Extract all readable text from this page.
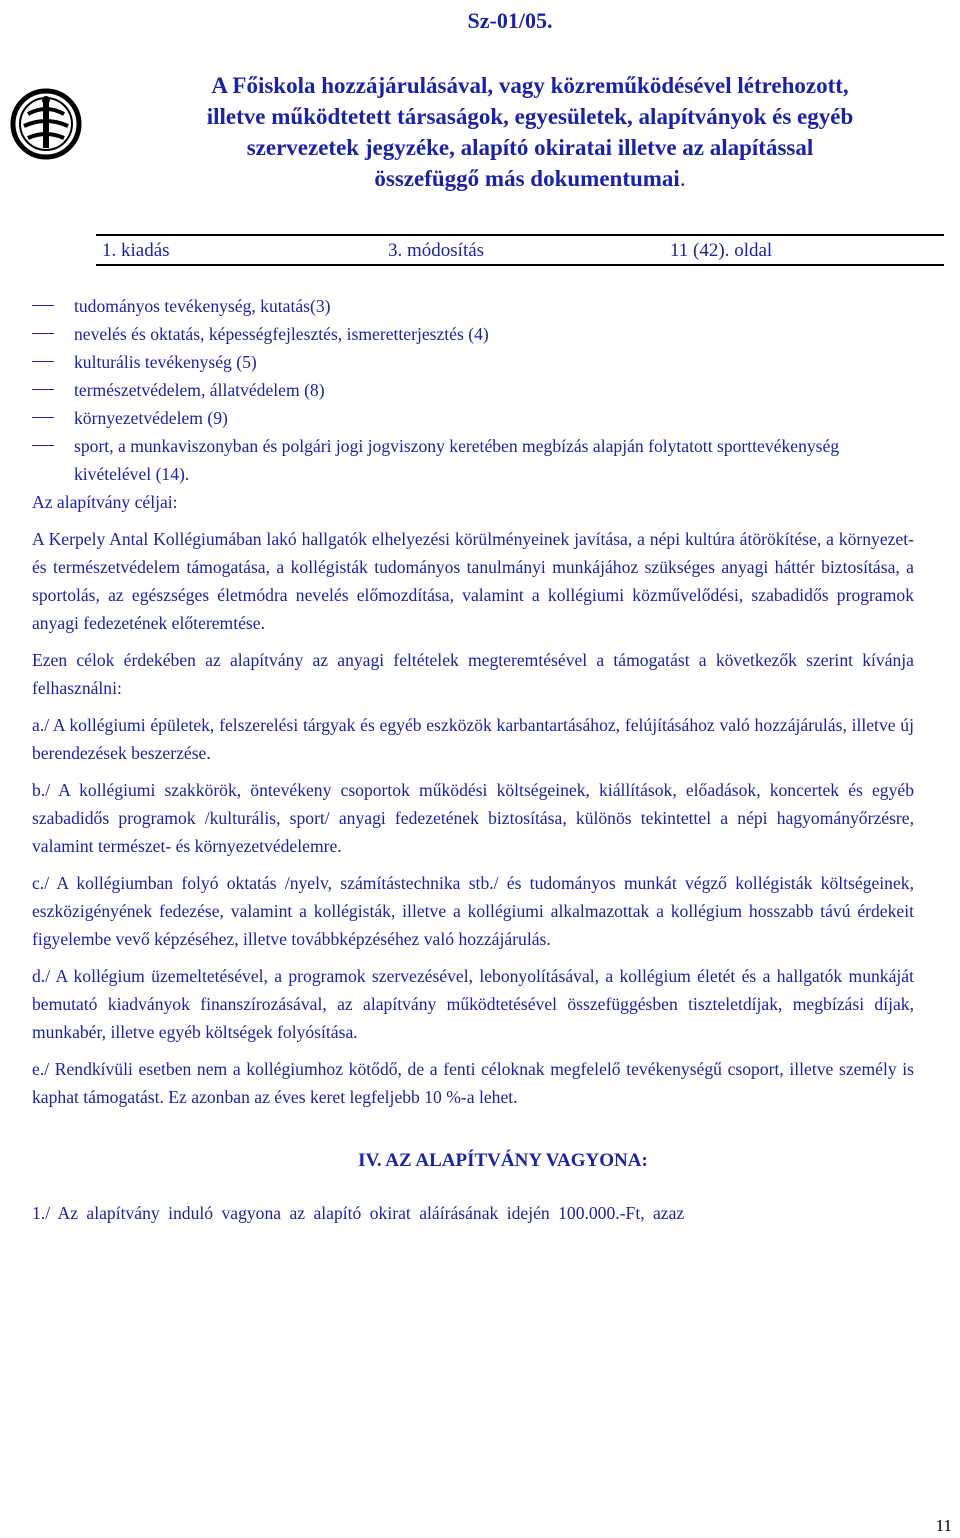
Sz-01/05.
A Főiskola hozzájárulásával, vagy közreműködésével létrehozott,
illetve működtetett társaságok, egyesületek, alapítványok és egyéb
szervezetek jegyzéke, alapító okiratai illetve az alapítással
összefüggő más dokumentumai.
1. kiadás	3. módosítás	11 (42). oldal
tudományos tevékenység, kutatás(3)
nevelés és oktatás, képességfejlesztés, ismeretterjesztés (4)
kulturális tevékenység (5)
természetvédelem, állatvédelem (8)
környezetvédelem (9)
sport, a munkaviszonyban és polgári jogi jogviszony keretében megbízás alapján folytatott sporttevékenység kivételével (14).

Az alapítvány céljai:

A Kerpely Antal Kollégiumában lakó hallgatók elhelyezési körülményeinek javítása, a népi kultúra átörökítése, a környezet- és természetvédelem támogatása, a kollégisták tudományos tanulmányi munkájához szükséges anyagi háttér biztosítása, a sportolás, az egészséges életmódra nevelés előmozdítása, valamint a kollégiumi közművelődési, szabadidős programok anyagi fedezetének előteremtése.

Ezen célok érdekében az alapítvány az anyagi feltételek megteremtésével a támogatást a következők szerint kívánja felhasználni:

a./ A kollégiumi épületek, felszerelési tárgyak és egyéb eszközök karbantartásához, felújításához való hozzájárulás, illetve új berendezések beszerzése.

b./ A kollégiumi szakkörök, öntevékeny csoportok működési költségeinek, kiállítások, előadások, koncertek és egyéb szabadidős programok /kulturális, sport/ anyagi fedezetének biztosítása, különös tekintettel a népi hagyományőrzésre, valamint természet- és környezetvédelemre.

c./ A kollégiumban folyó oktatás /nyelv, számítástechnika stb./ és tudományos munkát végző kollégisták költségeinek, eszközigényének fedezése, valamint a kollégisták, illetve a kollégiumi alkalmazottak a kollégium hosszabb távú érdekeit figyelembe vevő képzéséhez, illetve továbbképzéséhez való hozzájárulás.

d./ A kollégium üzemeltetésével, a programok szervezésével, lebonyolításával, a kollégium életét és a hallgatók munkáját bemutató kiadványok finanszírozásával, az alapítvány működtetésével összefüggésben tiszteletdíjak, megbízási díjak, munkabér, illetve egyéb költségek folyósítása.

e./ Rendkívüli esetben nem a kollégiumhoz kötődő, de a fenti céloknak megfelelő tevékenységű csoport, illetve személy is kaphat támogatást. Ez azonban az éves keret legfeljebb 10 %-a lehet.

IV. AZ ALAPÍTVÁNY VAGYONA:

1./ Az alapítvány induló vagyona az alapító okirat aláírásának idején 100.000.-Ft, azaz

11
